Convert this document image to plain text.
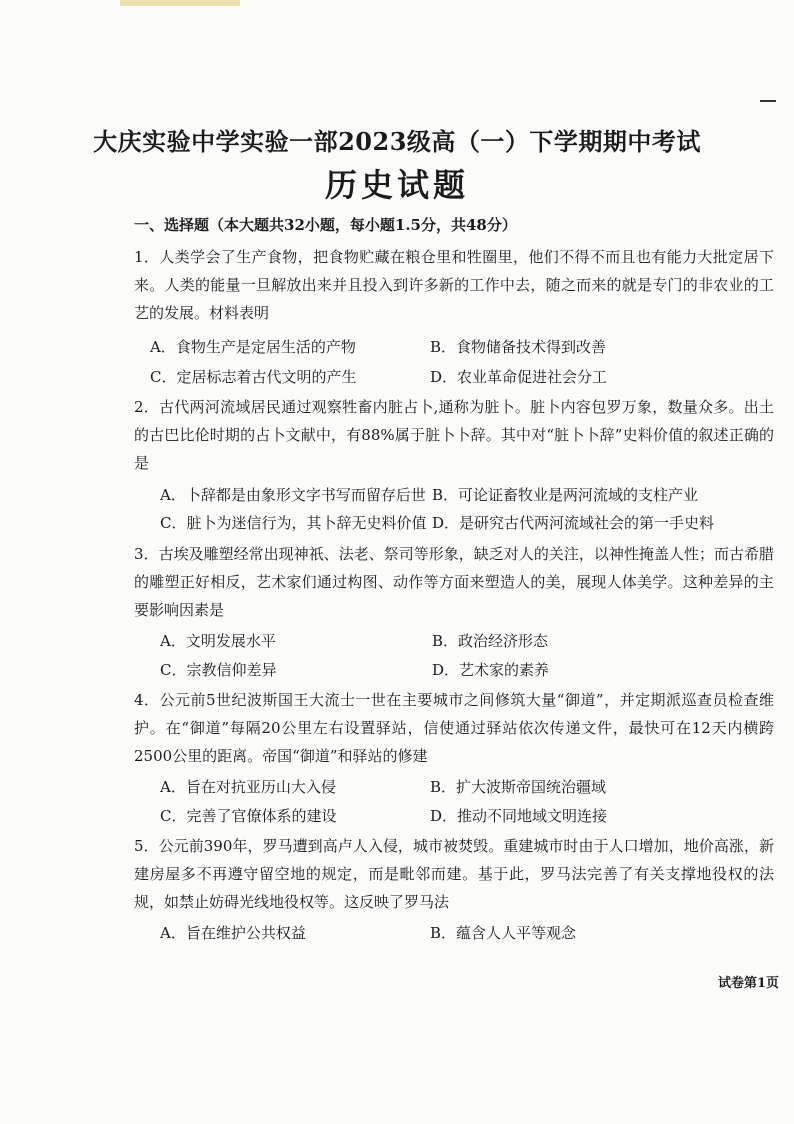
大庆实验中学实验一部2023级高（一）下学期期中考试
历史试题
一、选择题（本大题共32小题，每小题1.5分，共48分）

1．人类学会了生产食物，把食物贮藏在粮仓里和牲圈里，他们不得不而且也有能力大批定居下来。人类的能量一旦解放出来并且投入到许多新的工作中去，随之而来的就是专门的非农业的工艺的发展。材料表明

A．食物生产是定居生活的产物	B．食物储备技术得到改善
C．定居标志着古代文明的产生	D．农业革命促进社会分工

2．古代两河流域居民通过观察牲畜内脏占卜,通称为脏卜。脏卜内容包罗万象，数量众多。出土的古巴比伦时期的占卜文献中，有88%属于脏卜卜辞。其中对“脏卜卜辞”史料价值的叙述正确的是

A．卜辞都是由象形文字书写而留存后世 B．可论证畜牧业是两河流域的支柱产业
C．脏卜为迷信行为，其卜辞无史料价值 D．是研究古代两河流域社会的第一手史料

3．古埃及雕塑经常出现神祇、法老、祭司等形象，缺乏对人的关注，以神性掩盖人性；而古希腊的雕塑正好相反，艺术家们通过构图、动作等方面来塑造人的美，展现人体美学。这种差异的主要影响因素是

A．文明发展水平	B．政治经济形态
C．宗教信仰差异	D．艺术家的素养

4．公元前5世纪波斯国王大流士一世在主要城市之间修筑大量“御道”，并定期派巡查员检查维护。在“御道”每隔20公里左右设置驿站，信使通过驿站依次传递文件，最快可在12天内横跨2500公里的距离。帝国“御道”和驿站的修建

A．旨在对抗亚历山大入侵	B．扩大波斯帝国统治疆域
C．完善了官僚体系的建设	D．推动不同地域文明连接

5．公元前390年，罗马遭到高卢人入侵，城市被焚毁。重建城市时由于人口增加，地价高涨，新建房屋多不再遵守留空地的规定，而是毗邻而建。基于此，罗马法完善了有关支撑地役权的法规，如禁止妨碍光线地役权等。这反映了罗马法

A．旨在维护公共权益	B．蕴含人人平等观念
试卷第1页
